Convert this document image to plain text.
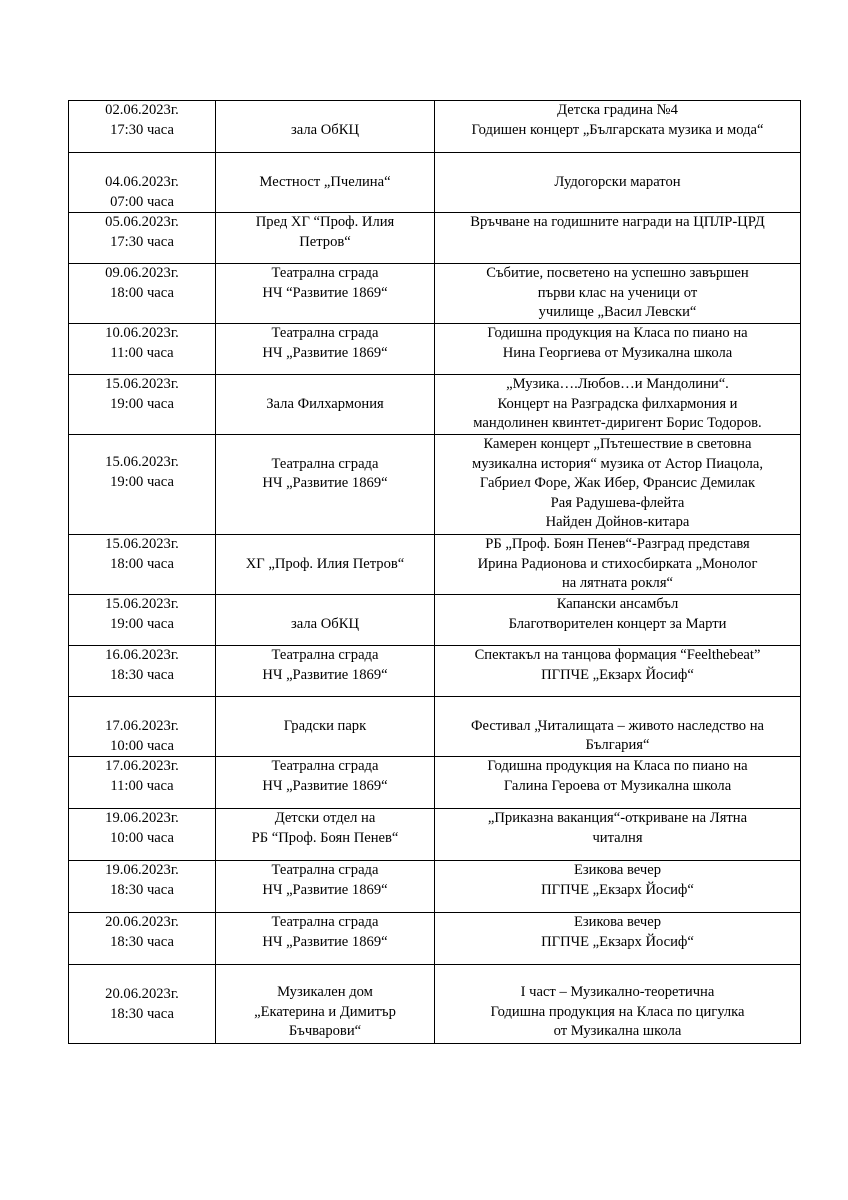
02.06.2023г.
17:30 часа	зала ОбКЦ	Детска градина №4
Годишен концерт „Българската музика и мода“

04.06.2023г.
07:00 часа	Местност „Пчелина“	Лудогорски маратон

05.06.2023г.
17:30 часа	Пред ХГ “Проф. Илия
Петров“	Връчване на годишните награди на ЦПЛР-ЦРД

09.06.2023г.
18:00 часа	Театрална сграда
НЧ “Развитие 1869“	Събитие, посветено на успешно завършен
първи клас на ученици от
училище „Васил Левски“

10.06.2023г.
11:00 часа	Театрална сграда
НЧ „Развитие 1869“	Годишна продукция на Класа по пиано на
Нина Георгиева от Музикална школа

15.06.2023г.
19:00 часа	Зала Филхармония	„Музика….Любов…и Мандолини“.
Концерт на Разградска филхармония и
мандолинен квинтет-диригент Борис Тодоров.

15.06.2023г.
19:00 часа	Театрална сграда
НЧ „Развитие 1869“	Камерен концерт „Пътешествие в световна
музикална история“ музика от Астор Пиацола,
Габриел Форе, Жак Ибер, Франсис Демилак
Рая Радушева-флейта
Найден Дойнов-китара

15.06.2023г.
18:00 часа	ХГ „Проф. Илия Петров“	РБ „Проф. Боян Пенев“-Разград представя
Ирина Радионова и стихосбирката „Монолог
на лятната рокля“

15.06.2023г.
19:00 часа	зала ОбКЦ	Капански ансамбъл
Благотворителен концерт за Марти

16.06.2023г.
18:30 часа	Театрална сграда
НЧ „Развитие 1869“	Спектакъл на танцова формация “Feelthebeat”
ПГПЧЕ „Екзарх Йосиф“

17.06.2023г.
10:00 часа	Градски парк	Фестивал „Читалищата – живото наследство на
България“

17.06.2023г.
11:00 часа	Театрална сграда
НЧ „Развитие 1869“	Годишна продукция на Класа по пиано на
Галина Героева от Музикална школа

19.06.2023г.
10:00 часа	Детски отдел на
РБ “Проф. Боян Пенев“	„Приказна ваканция“-откриване на Лятна
читалня

19.06.2023г.
18:30 часа	Театрална сграда
НЧ „Развитие 1869“	Езикова вечер
ПГПЧЕ „Екзарх Йосиф“

20.06.2023г.
18:30 часа	Театрална сграда
НЧ „Развитие 1869“	Езикова вечер
ПГПЧЕ „Екзарх Йосиф“

20.06.2023г.
18:30 часа	Музикален дом
„Екатерина и Димитър
Бъчварови“	I част – Музикално-теоретична
Годишна продукция на Класа по цигулка
от Музикална школа
